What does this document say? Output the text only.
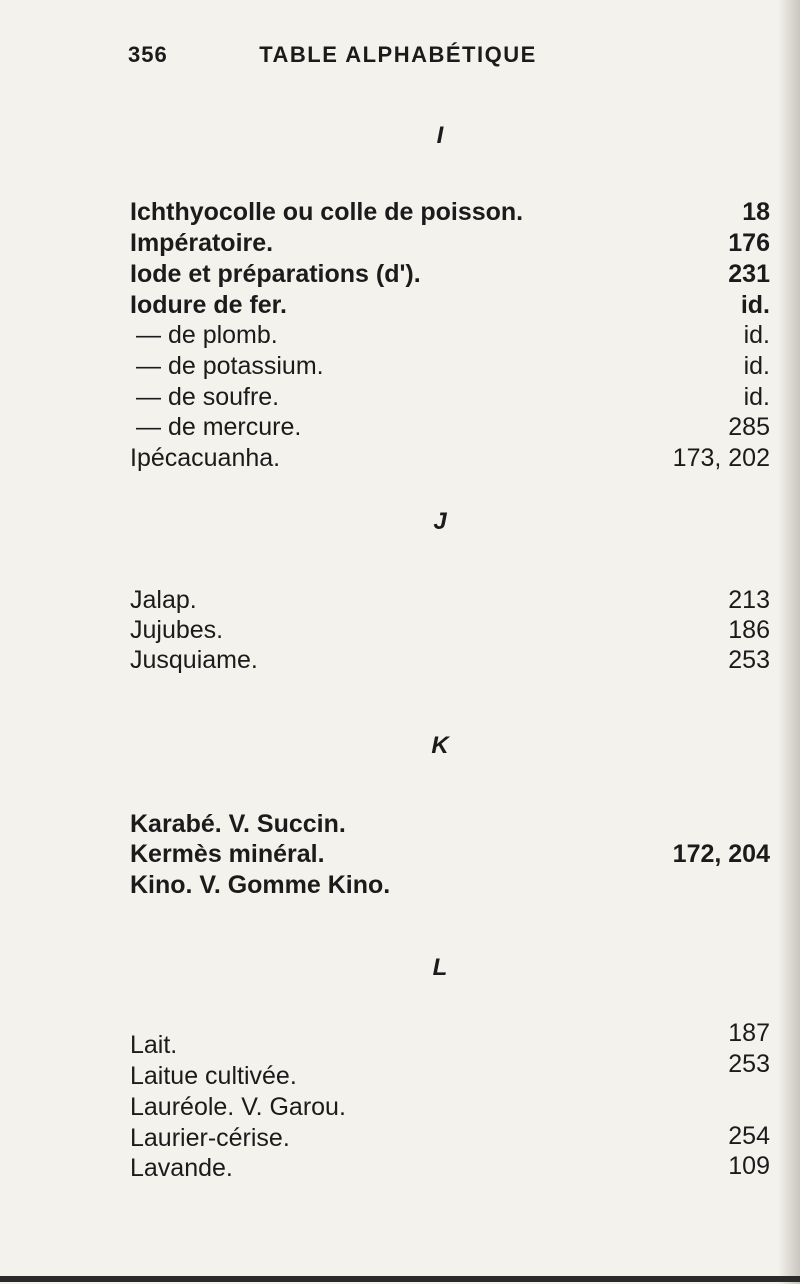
356	TABLE ALPHABÉTIQUE
I
Ichthyocolle ou colle de poisson.	18
Impératoire.	176
Iode et préparations (d').	231
Iodure de fer.	id.
— de plomb.	id.
— de potassium.	id.
— de soufre.	id.
— de mercure.	285
Ipécacuanha.	173, 202
J
Jalap.	213
Jujubes.	186
Jusquiame.	253
K
Karabé. V. Succin.
Kermès minéral.	172, 204
Kino. V. Gomme Kino.
L
Lait.	187
Laitue cultivée.	253
Lauréole. V. Garou.
Laurier-cérise.	254
Lavande.	109
